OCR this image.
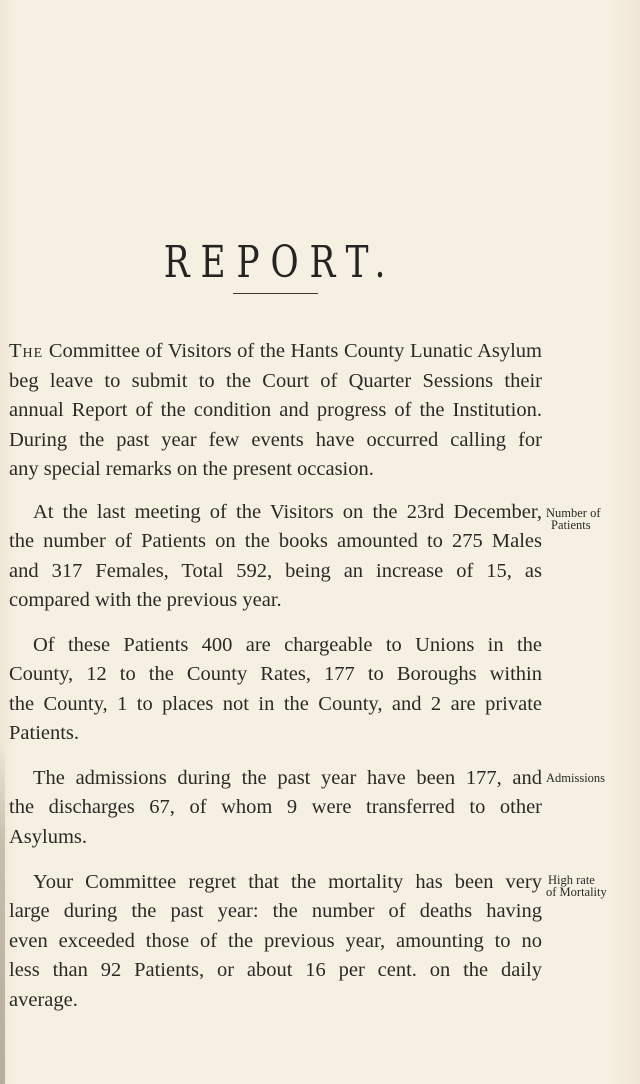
REPORT.
The Committee of Visitors of the Hants County Lunatic Asylum
beg leave to submit to the Court of Quarter Sessions their
annual Report of the condition and progress of the Institution.
During the past year few events have occurred calling for
any special remarks on the present occasion.
At the last meeting of the Visitors on the 23rd December,
the number of Patients on the books amounted to 275 Males
and 317 Females, Total 592, being an increase of 15, as
compared with the previous year.
Of these Patients 400 are chargeable to Unions in the
County, 12 to the County Rates, 177 to Boroughs within
the County, 1 to places not in the County, and 2 are private
Patients.
The admissions during the past year have been 177, and
the discharges 67, of whom 9 were transferred to other
Asylums.
Your Committee regret that the mortality has been very
large during the past year: the number of deaths having
even exceeded those of the previous year, amounting to no
less than 92 Patients, or about 16 per cent. on the daily
average.
Number of
Patients
Admissions
High rate
of Mortality
